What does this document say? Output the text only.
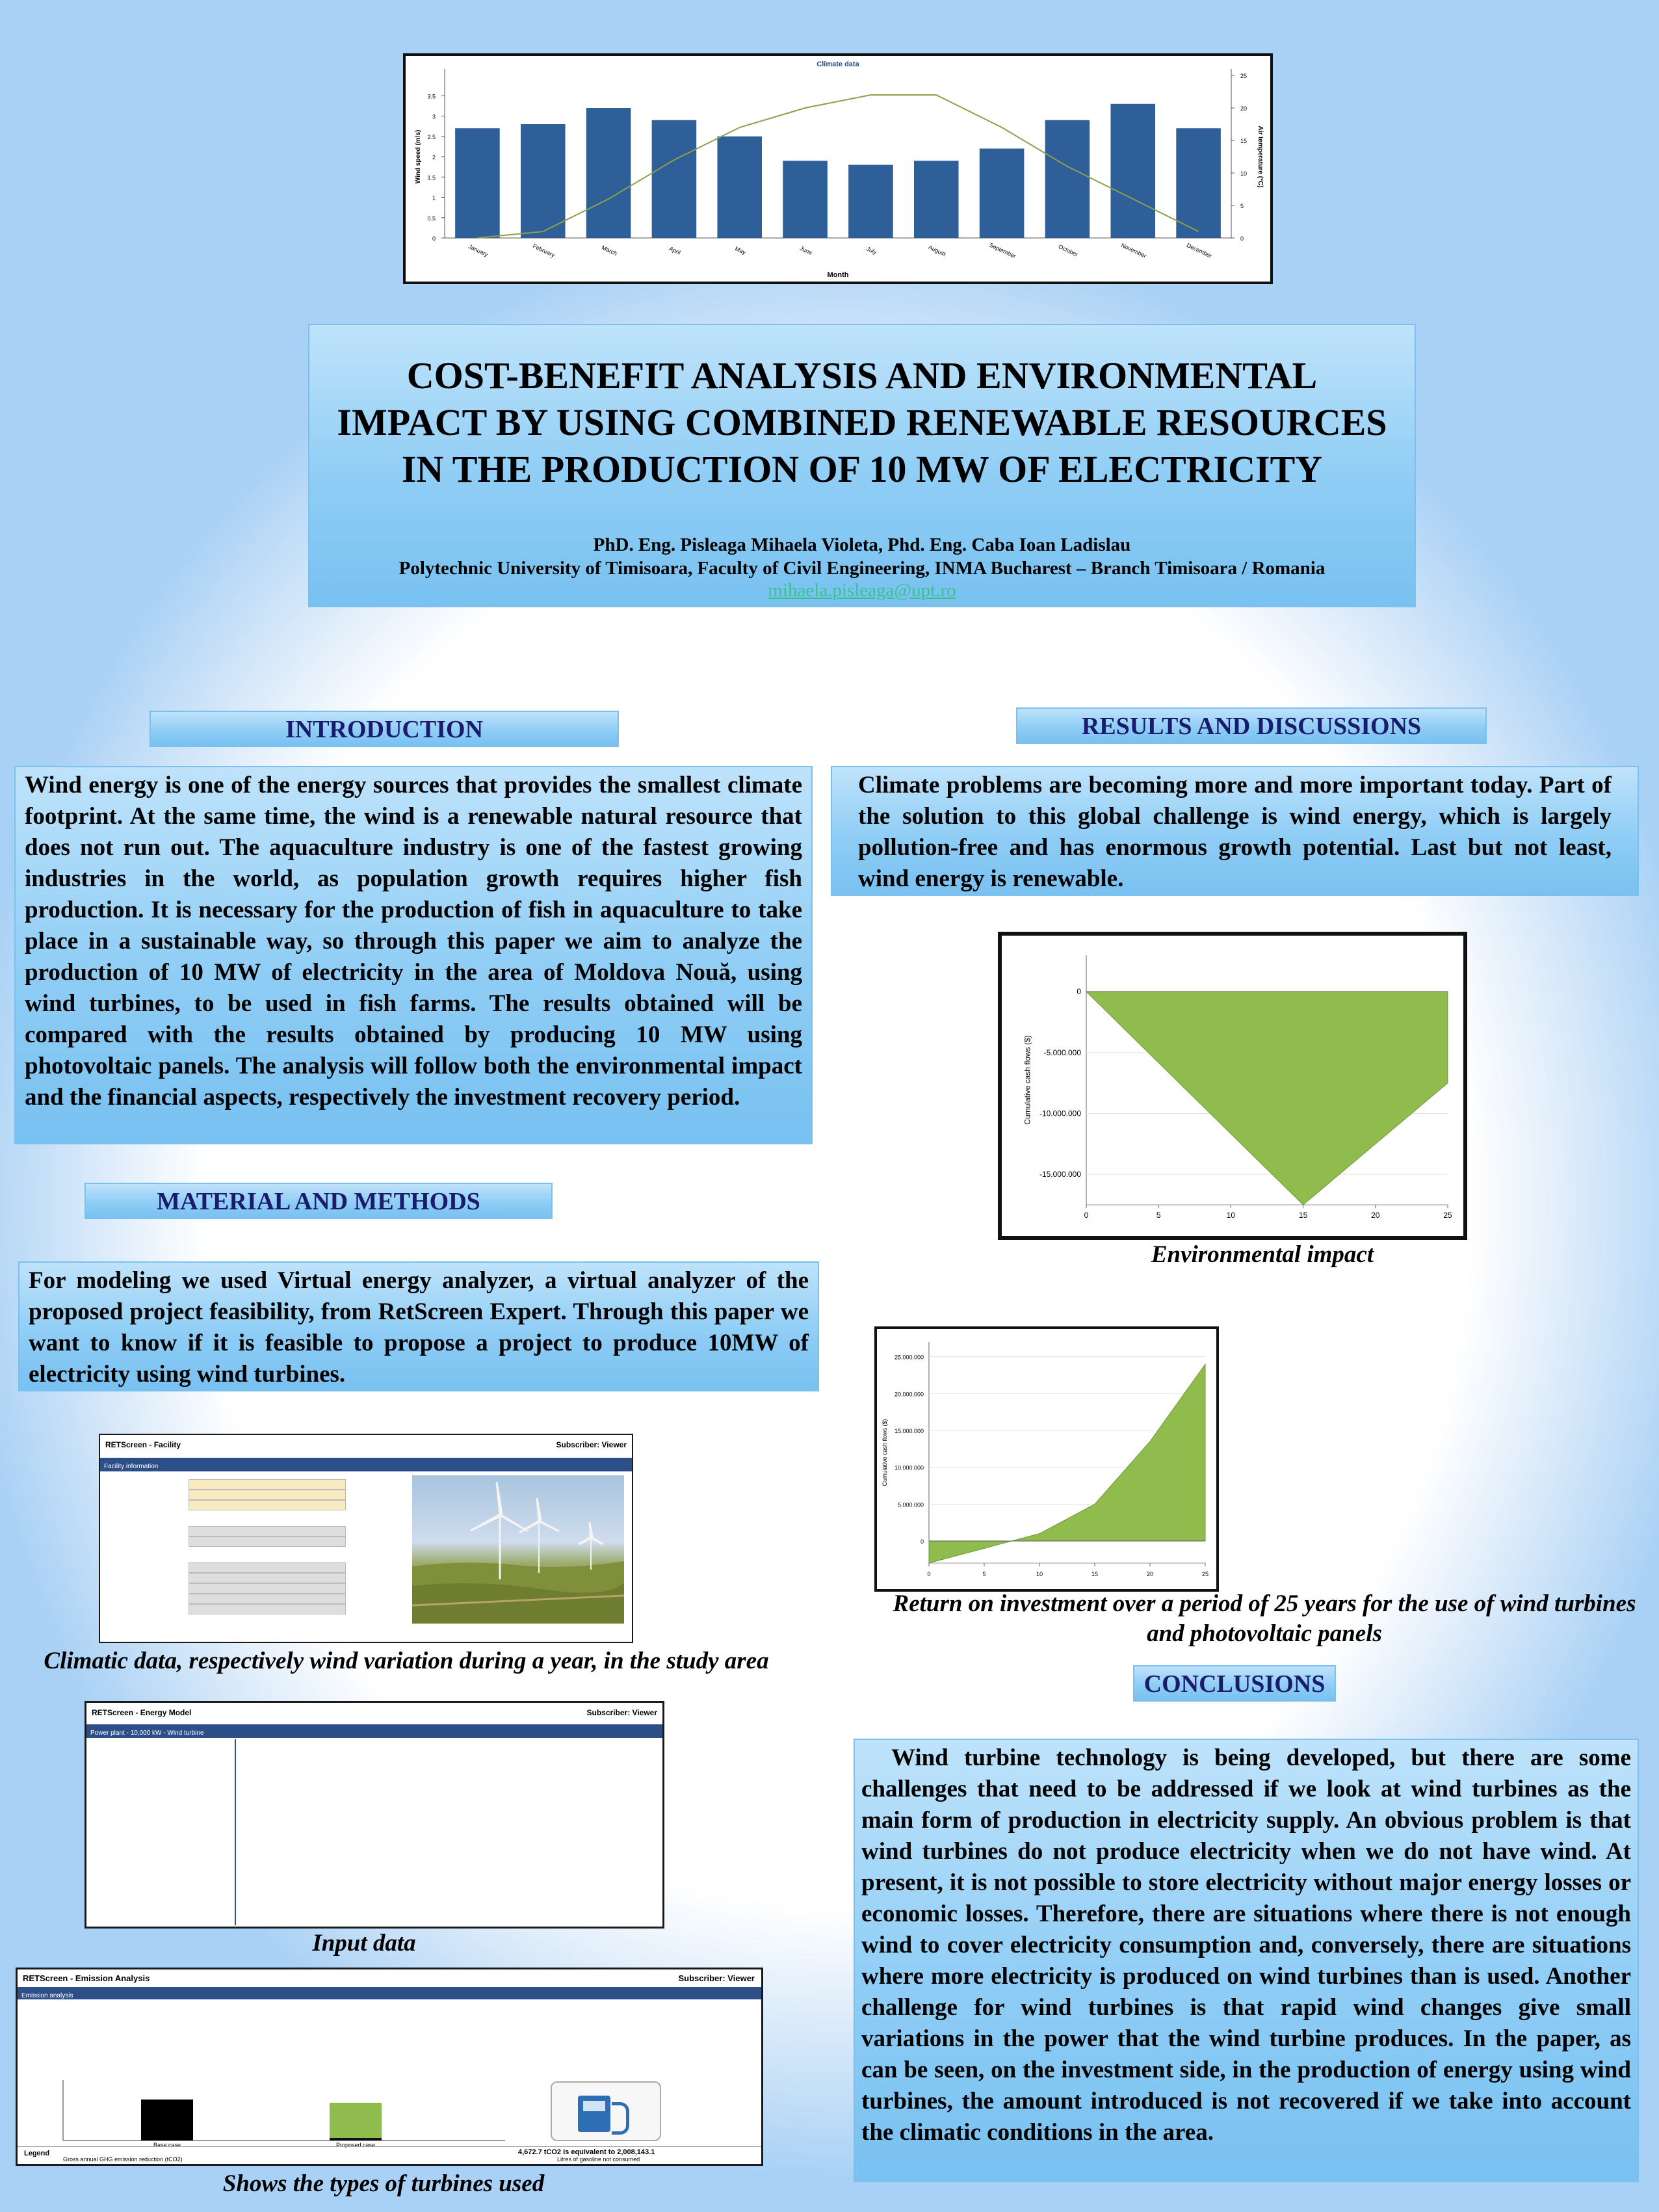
Climate data
0
0.5
1
1.5
2
2.5
3
3.5
0
5
10
15
20
25
January	February	March	April	May	June	July	August	September	October	November	December
Month
Wind speed (m/s)	Air temperature (°C)
COST-BENEFIT ANALYSIS AND ENVIRONMENTAL
IMPACT BY USING COMBINED RENEWABLE RESOURCES
IN THE PRODUCTION OF 10 MW OF ELECTRICITY
PhD. Eng. Pisleaga Mihaela Violeta, Phd. Eng. Caba Ioan Ladislau
Polytechnic University of Timisoara, Faculty of Civil Engineering, INMA Bucharest – Branch Timisoara / Romania
mihaela.pisleaga@upt.ro
INTRODUCTION
Wind energy is one of the energy sources that provides the smallest climate footprint. At the same time, the wind is a renewable natural resource that does not run out. The aquaculture industry is one of the fastest growing industries in the world, as population growth requires higher fish production. It is necessary for the production of fish in aquaculture to take place in a sustainable way, so through this paper we aim to analyze the production of 10 MW of electricity in the area of Moldova Nouă, using wind turbines, to be used in fish farms. The results obtained will be compared with the results obtained by producing 10 MW using photovoltaic panels. The analysis will follow both the environmental impact and the financial aspects, respectively the investment recovery period.
MATERIAL AND METHODS
For modeling we used Virtual energy analyzer, a virtual analyzer of the proposed project feasibility, from RetScreen Expert. Through this paper we want to know if it is feasible to propose a project to produce 10MW of electricity using wind turbines.
RETScreen - Facility	Subscriber: Viewer
Facility information
Climatic data, respectively wind variation during a year, in the study area
RETScreen - Energy Model	Subscriber: Viewer
Power plant - 10,000 kW - Wind turbine
Input data
RETScreen - Emission Analysis	Subscriber: Viewer
Emission analysis
Base case	Proposed case
Legend
Gross annual GHG emission reduction (tCO2)
4,672.7 tCO2 is equivalent to 2,008,143.1
Litres of gasoline not consumed
Shows the types of turbines used
RESULTS AND DISCUSSIONS
Climate problems are becoming more and more important today. Part of the solution to this global challenge is wind energy, which is largely pollution-free and has enormous growth potential. Last but not least, wind energy is renewable.
0
-5.000.000
-10.000.000
-15.000.000
0	5	10	15	20	25
Cumulative cash flows ($)
Environmental impact
0
5.000.000
10.000.000
15.000.000
20.000.000
25.000.000
0	5	10	15	20	25
Cumulative cash flows ($)
Return on investment over a period of 25 years for the use of wind turbines and photovoltaic panels
CONCLUSIONS
Wind turbine technology is being developed, but there are some challenges that need to be addressed if we look at wind turbines as the main form of production in electricity supply. An obvious problem is that wind turbines do not produce electricity when we do not have wind. At present, it is not possible to store electricity without major energy losses or economic losses. Therefore, there are situations where there is not enough wind to cover electricity consumption and, conversely, there are situations where more electricity is produced on wind turbines than is used. Another challenge for wind turbines is that rapid wind changes give small variations in the power that the wind turbine produces. In the paper, as can be seen, on the investment side, in the production of energy using wind turbines, the amount introduced is not recovered if we take into account the climatic conditions in the area.
